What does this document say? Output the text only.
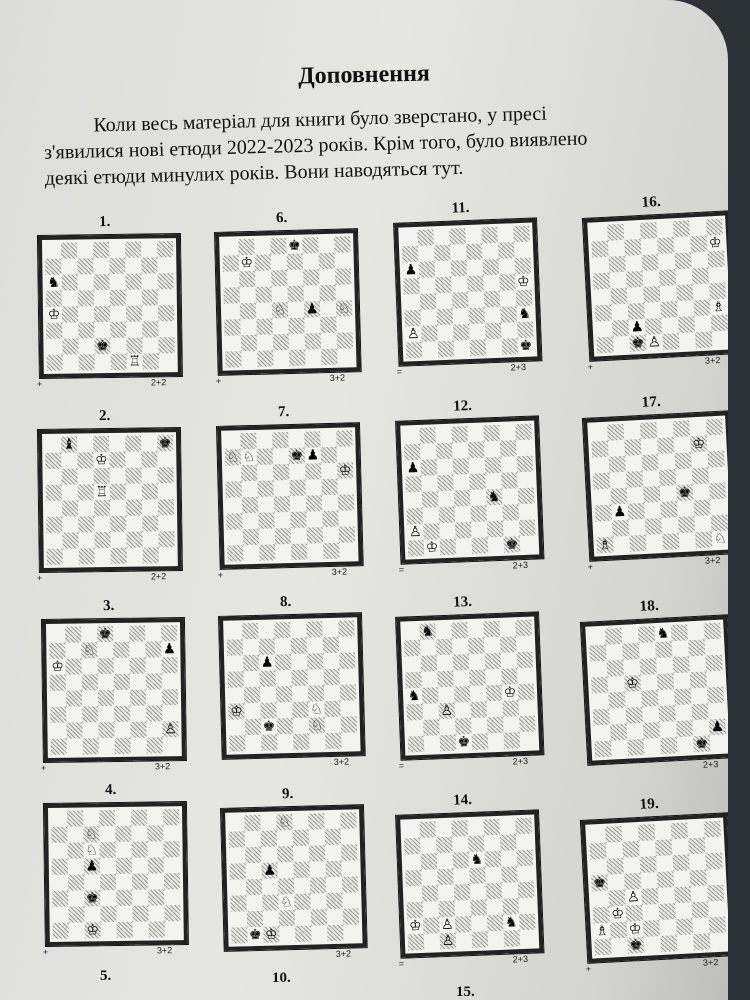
Доповнення

Коли весь матеріал для книги було зверстано, у пресі

з'явилися нові етюди 2022-2023 років. Крім того, було виявлено

деякі етюди минулих років. Вони наводяться тут.

1.
♞
♔
♚
♖
+	2+2
2.
♝
♔
♚
♖
+	2+2
3.
♚
♘	♟
♔
♙
+	3+2
4.
♘
♘
♟
♚
♔
+	3+2
6.
♚
♔
♘ ♟ ♘
+	3+2
7.
♘ ♘	♚ ♟
♔
+	3+2
8.
♟
♔	♘
♚	♘
3+2
9.
♘
♟
♘
♚ ♔
3+2
11.
♟
♔
♞
♙
♚
=	2+3
12.
♟
♞
♙
♔	♚
=	2+3
13.
♞
♞	♔
♙
♚
=	2+3
14.
♞
♔ ♙	♞
♙
=	2+3
16.
♔
♗
♟
♚ ♙
+
3+2
17.
♔
♚
♟
♗	♘
+
3+2
18.
♞
♔
♟
♚
2+3
19.
♚
♙
♔
♗ ♔
♚
+
3+2
5.	10.
15.
